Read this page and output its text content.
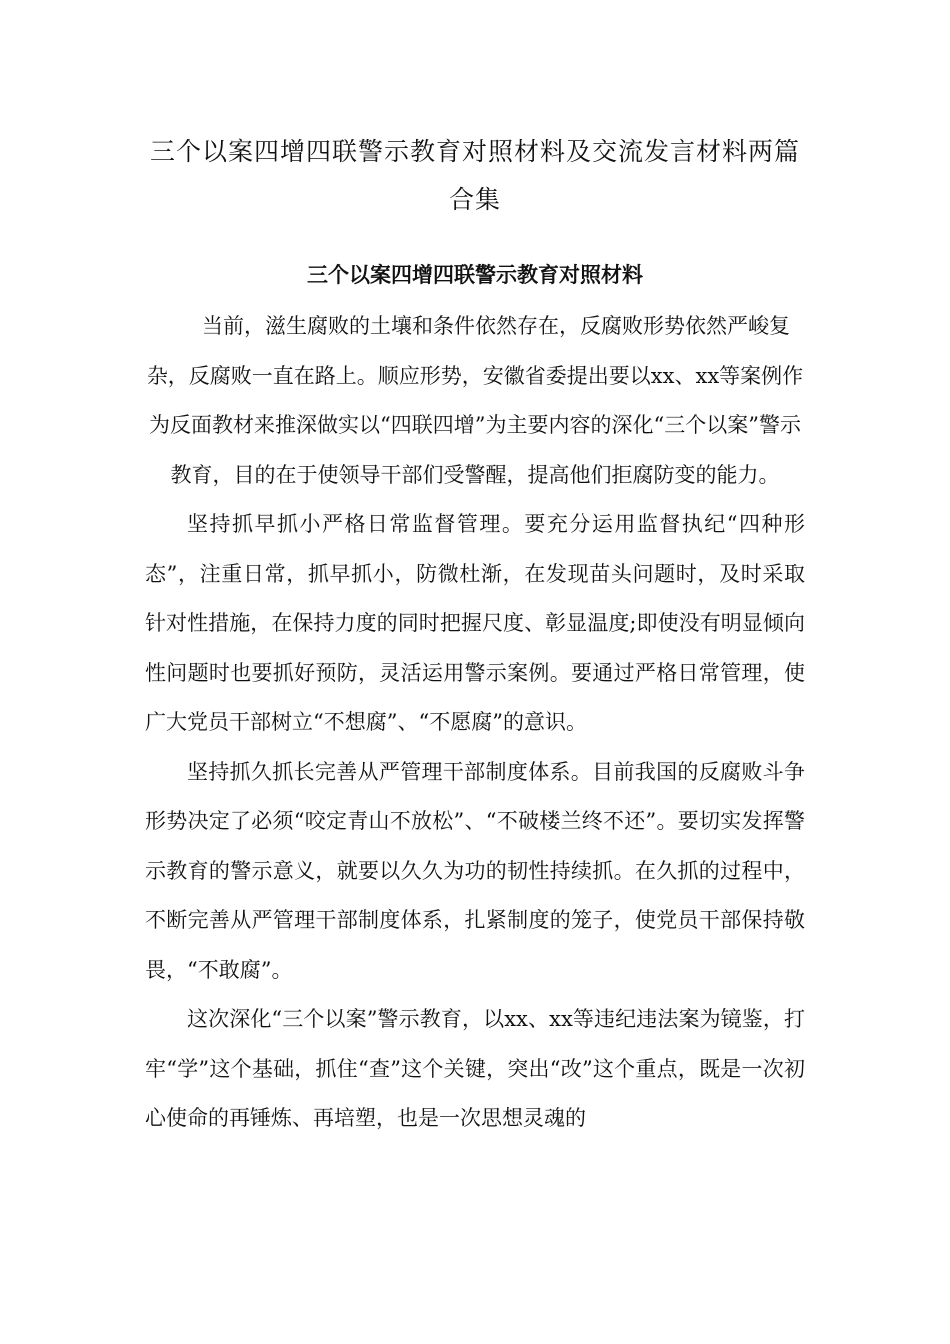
三个以案四增四联警示教育对照材料及交流发言材料两篇合集
三个以案四增四联警示教育对照材料

当前，滋生腐败的土壤和条件依然存在，反腐败形势依然严峻复杂，反腐败一直在路上。顺应形势，安徽省委提出要以xx、xx等案例作为反面教材来推深做实以“四联四增”为主要内容的深化“三个以案”警示教育，目的在于使领导干部们受警醒，提高他们拒腐防变的能力。

坚持抓早抓小严格日常监督管理。要充分运用监督执纪“四种形态”，注重日常，抓早抓小，防微杜渐，在发现苗头问题时，及时采取针对性措施，在保持力度的同时把握尺度、彰显温度;即使没有明显倾向性问题时也要抓好预防，灵活运用警示案例。要通过严格日常管理，使广大党员干部树立“不想腐”、“不愿腐”的意识。

坚持抓久抓长完善从严管理干部制度体系。目前我国的反腐败斗争形势决定了必须“咬定青山不放松”、“不破楼兰终不还”。要切实发挥警示教育的警示意义，就要以久久为功的韧性持续抓。在久抓的过程中，不断完善从严管理干部制度体系，扎紧制度的笼子，使党员干部保持敬畏，“不敢腐”。

这次深化“三个以案”警示教育，以xx、xx等违纪违法案为镜鉴，打牢“学”这个基础，抓住“查”这个关键，突出“改”这个重点，既是一次初心使命的再锤炼、再培塑，也是一次思想灵魂的
